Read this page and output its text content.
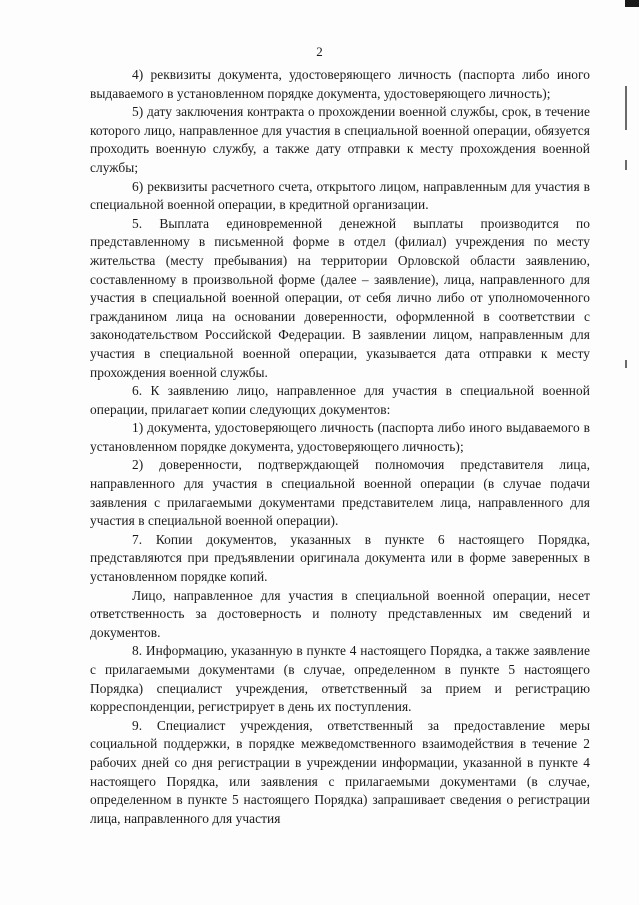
2

4) реквизиты документа, удостоверяющего личность (паспорта либо иного выдаваемого в установленном порядке документа, удостоверяющего личность);

5) дату заключения контракта о прохождении военной службы, срок, в течение которого лицо, направленное для участия в специальной военной операции, обязуется проходить военную службу, а также дату отправки к месту прохождения военной службы;

6) реквизиты расчетного счета, открытого лицом, направленным для участия в специальной военной операции, в кредитной организации.

5. Выплата единовременной денежной выплаты производится по представленному в письменной форме в отдел (филиал) учреждения по месту жительства (месту пребывания) на территории Орловской области заявлению, составленному в произвольной форме (далее – заявление), лица, направленного для участия в специальной военной операции, от себя лично либо от уполномоченного гражданином лица на основании доверенности, оформленной в соответствии с законодательством Российской Федерации. В заявлении лицом, направленным для участия в специальной военной операции, указывается дата отправки к месту прохождения военной службы.

6. К заявлению лицо, направленное для участия в специальной военной операции, прилагает копии следующих документов:

1) документа, удостоверяющего личность (паспорта либо иного выдаваемого в установленном порядке документа, удостоверяющего личность);

2) доверенности, подтверждающей полномочия представителя лица, направленного для участия в специальной военной операции (в случае подачи заявления с прилагаемыми документами представителем лица, направленного для участия в специальной военной операции).

7. Копии документов, указанных в пункте 6 настоящего Порядка, представляются при предъявлении оригинала документа или в форме заверенных в установленном порядке копий.

Лицо, направленное для участия в специальной военной операции, несет ответственность за достоверность и полноту представленных им сведений и документов.

8. Информацию, указанную в пункте 4 настоящего Порядка, а также заявление с прилагаемыми документами (в случае, определенном в пункте 5 настоящего Порядка) специалист учреждения, ответственный за прием и регистрацию корреспонденции, регистрирует в день их поступления.

9. Специалист учреждения, ответственный за предоставление меры социальной поддержки, в порядке межведомственного взаимодействия в течение 2 рабочих дней со дня регистрации в учреждении информации, указанной в пункте 4 настоящего Порядка, или заявления с прилагаемыми документами (в случае, определенном в пункте 5 настоящего Порядка) запрашивает сведения о регистрации лица, направленного для участия
